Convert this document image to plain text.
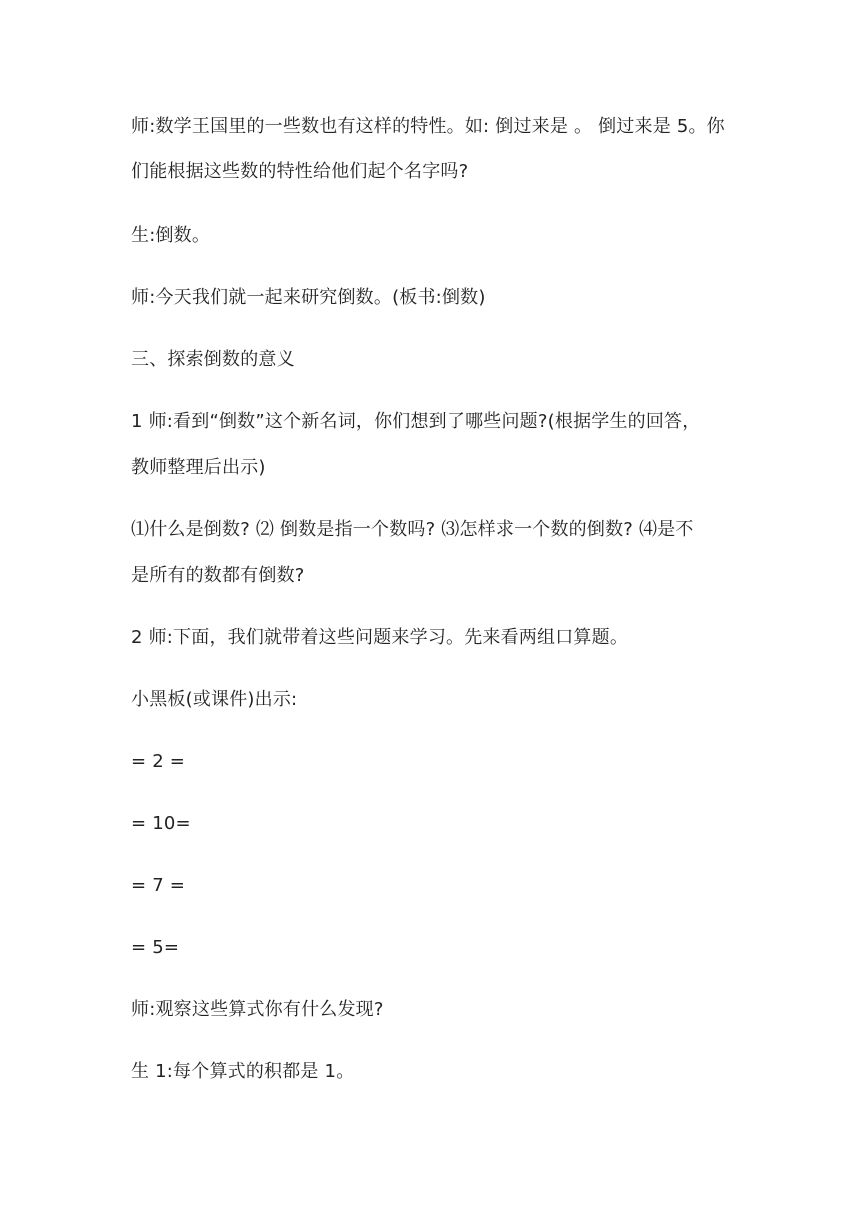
师:数学王国里的一些数也有这样的特性。如: 倒过来是 。 倒过来是 5。你

们能根据这些数的特性给他们起个名字吗?

生:倒数。

师:今天我们就一起来研究倒数。(板书:倒数)

三、探索倒数的意义

1 师:看到“倒数”这个新名词，你们想到了哪些问题?(根据学生的回答，

教师整理后出示)

⑴什么是倒数? ⑵ 倒数是指一个数吗? ⑶怎样求一个数的倒数? ⑷是不

是所有的数都有倒数?

2 师:下面，我们就带着这些问题来学习。先来看两组口算题。

小黑板(或课件)出示:

= 2 =

= 10=

= 7 =

= 5=

师:观察这些算式你有什么发现?

生 1:每个算式的积都是 1。
